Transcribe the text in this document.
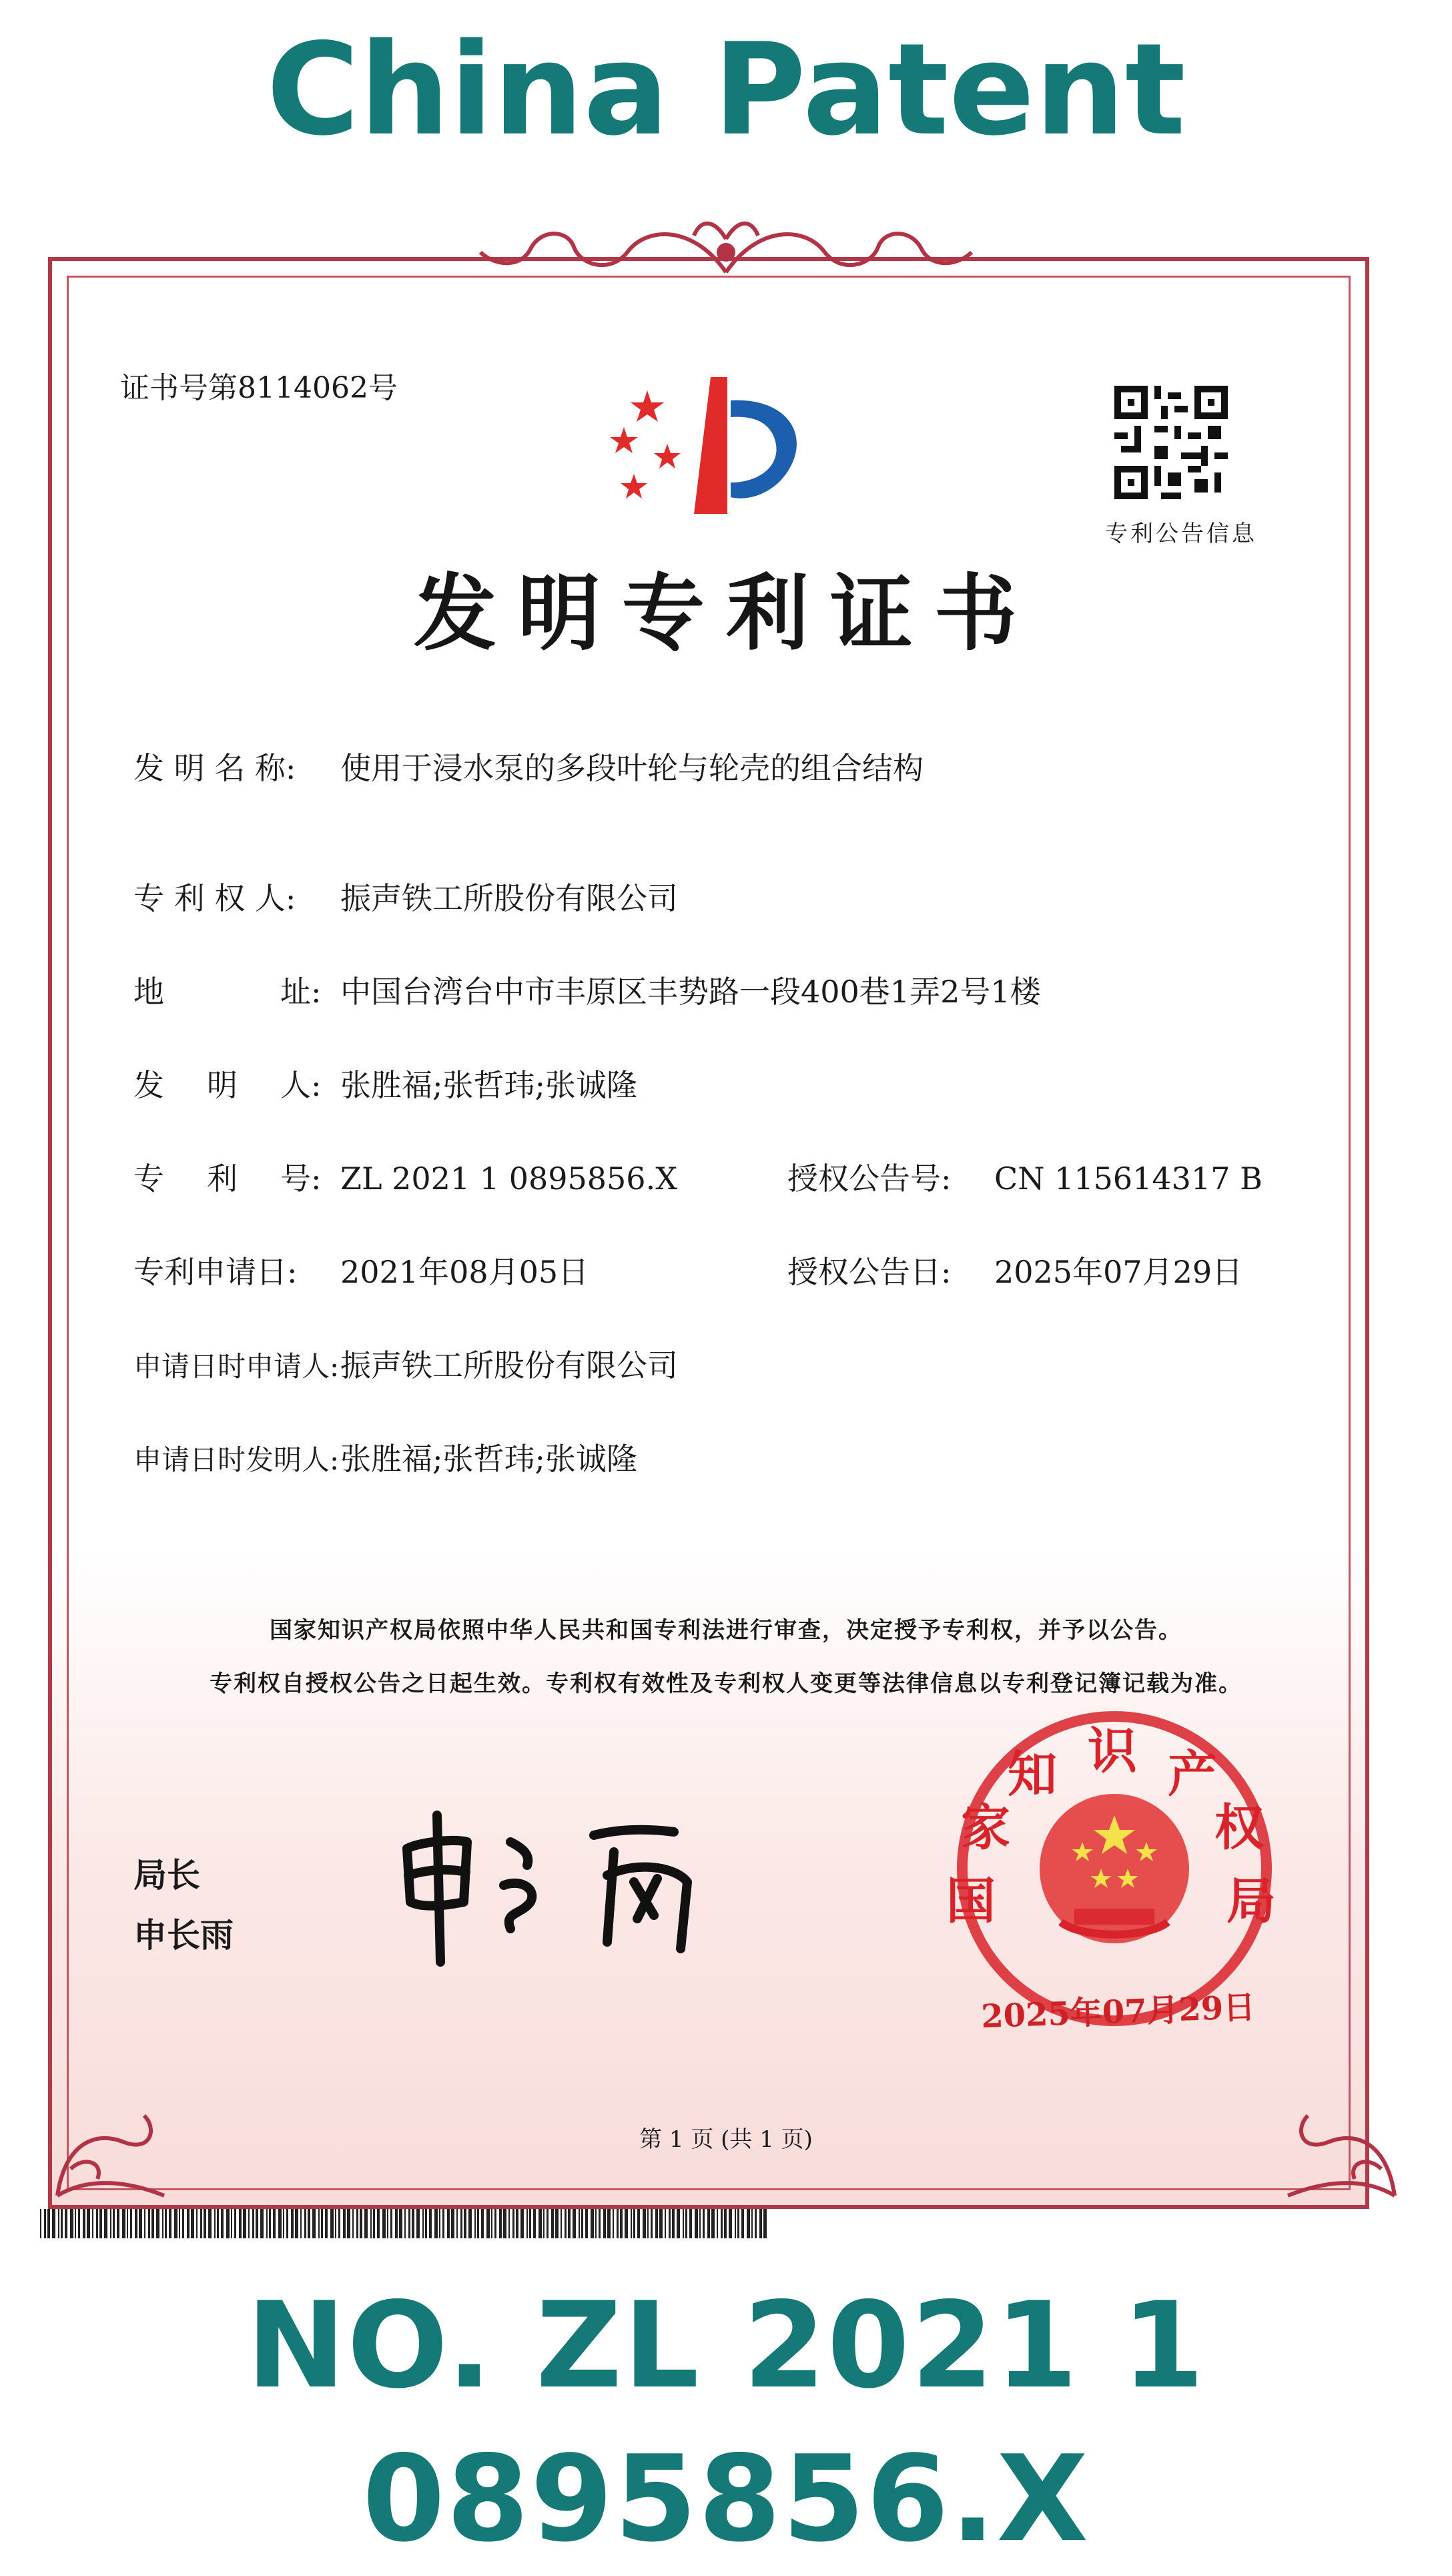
China Patent
证书号第8114062号
专利公告信息
发明专利证书
发 明 名 称: 使用于浸水泵的多段叶轮与轮壳的组合结构
专 利 权 人: 振声铁工所股份有限公司
地	址: 中国台湾台中市丰原区丰势路一段400巷1弄2号1楼
发 明 人: 张胜福;张哲玮;张诚隆
专 利 号: ZL 2021 1 0895856.X	授权公告号: CN 115614317 B
专利申请日: 2021年08月05日	授权公告日: 2025年07月29日
申请日时申请人:振声铁工所股份有限公司
申请日时发明人:张胜福;张哲玮;张诚隆
国家知识产权局依照中华人民共和国专利法进行审查，决定授予专利权，并予以公告。
专利权自授权公告之日起生效。专利权有效性及专利权人变更等法律信息以专利登记簿记载为准。
局长
申长雨
国
家
知 识 产
权
局
2025年07月29日
第 1 页 (共 1 页)
NO. ZL 2021 1 0895856.X
